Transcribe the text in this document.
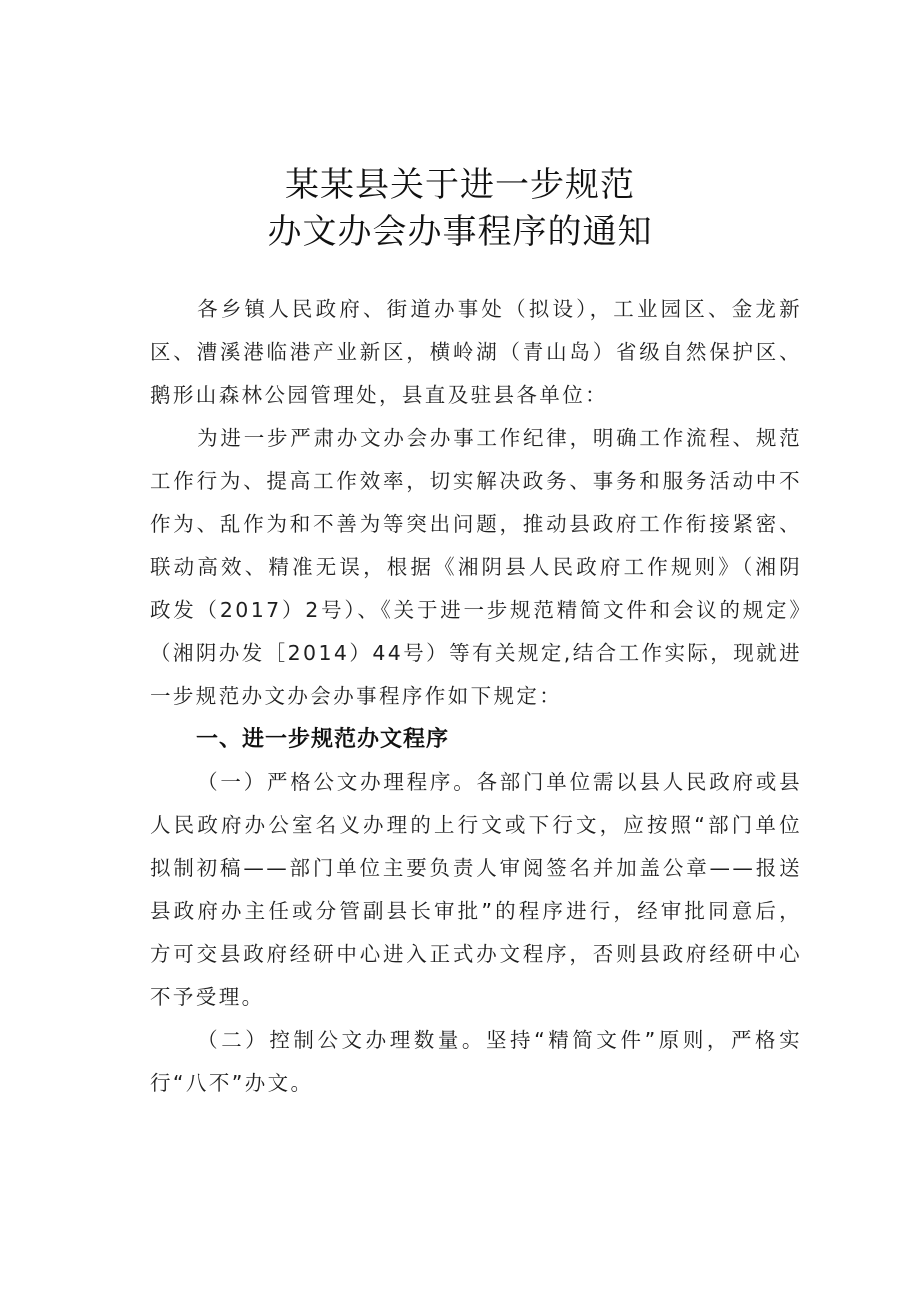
某某县关于进一步规范
办文办会办事程序的通知

各乡镇人民政府、街道办事处（拟设），工业园区、金龙新区、漕溪港临港产业新区，横岭湖（青山岛）省级自然保护区、鹅形山森林公园管理处，县直及驻县各单位：

为进一步严肃办文办会办事工作纪律，明确工作流程、规范工作行为、提高工作效率，切实解决政务、事务和服务活动中不作为、乱作为和不善为等突出问题，推动县政府工作衔接紧密、联动高效、精准无误，根据《湘阴县人民政府工作规则》（湘阴政发（2017）2号）、《关于进一步规范精简文件和会议的规定》（湘阴办发［2014）44号）等有关规定,结合工作实际，现就进一步规范办文办会办事程序作如下规定：

一、进一步规范办文程序

（一）严格公文办理程序。各部门单位需以县人民政府或县人民政府办公室名义办理的上行文或下行文，应按照“部门单位拟制初稿——部门单位主要负责人审阅签名并加盖公章——报送县政府办主任或分管副县长审批”的程序进行，经审批同意后，方可交县政府经研中心进入正式办文程序，否则县政府经研中心不予受理。

（二）控制公文办理数量。坚持“精简文件”原则，严格实行“八不”办文。
